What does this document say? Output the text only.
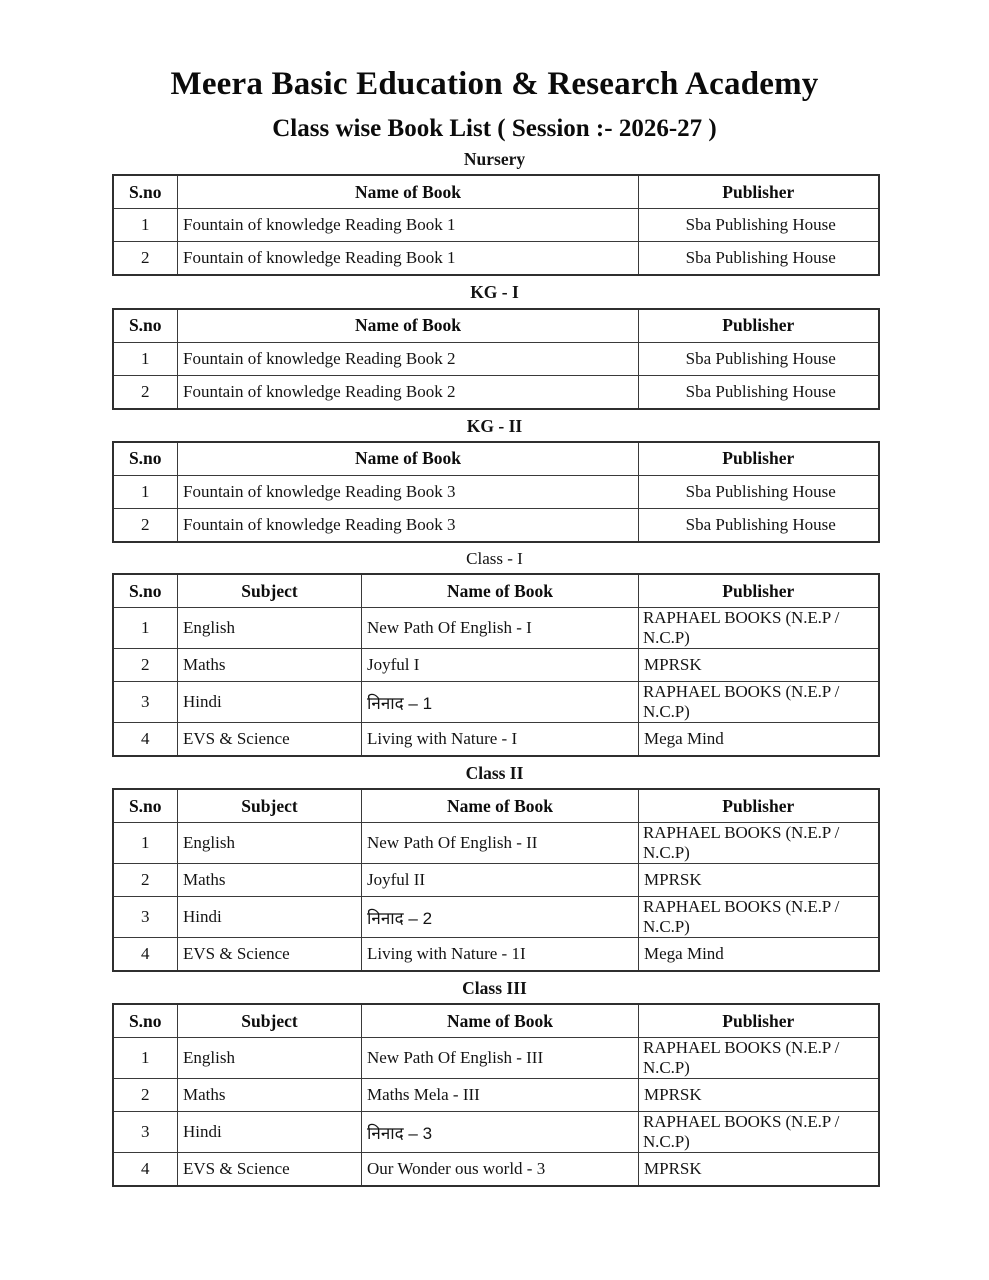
Meera Basic Education & Research Academy
Class wise Book List ( Session :- 2026-27 )
Nursery
S.no	Name of Book	Publisher
1	Fountain of knowledge Reading Book 1	Sba Publishing House
2	Fountain of knowledge Reading Book 1	Sba Publishing House
KG - I
S.no	Name of Book	Publisher
1	Fountain of knowledge Reading Book 2	Sba Publishing House
2	Fountain of knowledge Reading Book 2	Sba Publishing House
KG - II
S.no	Name of Book	Publisher
1	Fountain of knowledge Reading Book 3	Sba Publishing House
2	Fountain of knowledge Reading Book 3	Sba Publishing House
Class - I
S.no	Subject	Name of Book	Publisher
1	English	New Path Of English - I	RAPHAEL BOOKS (N.E.P / N.C.P)
2	Maths	Joyful I	MPRSK
3	Hindi	निनाद – 1	RAPHAEL BOOKS (N.E.P / N.C.P)
4	EVS & Science	Living with Nature - I	Mega Mind
Class II
S.no	Subject	Name of Book	Publisher
1	English	New Path Of English - II	RAPHAEL BOOKS (N.E.P / N.C.P)
2	Maths	Joyful II	MPRSK
3	Hindi	निनाद – 2	RAPHAEL BOOKS (N.E.P / N.C.P)
4	EVS & Science	Living with Nature - 1I	Mega Mind
Class III
S.no	Subject	Name of Book	Publisher
1	English	New Path Of English - III	RAPHAEL BOOKS (N.E.P / N.C.P)
2	Maths	Maths Mela - III	MPRSK
3	Hindi	निनाद – 3	RAPHAEL BOOKS (N.E.P / N.C.P)
4	EVS & Science	Our Wonder ous world - 3	MPRSK
